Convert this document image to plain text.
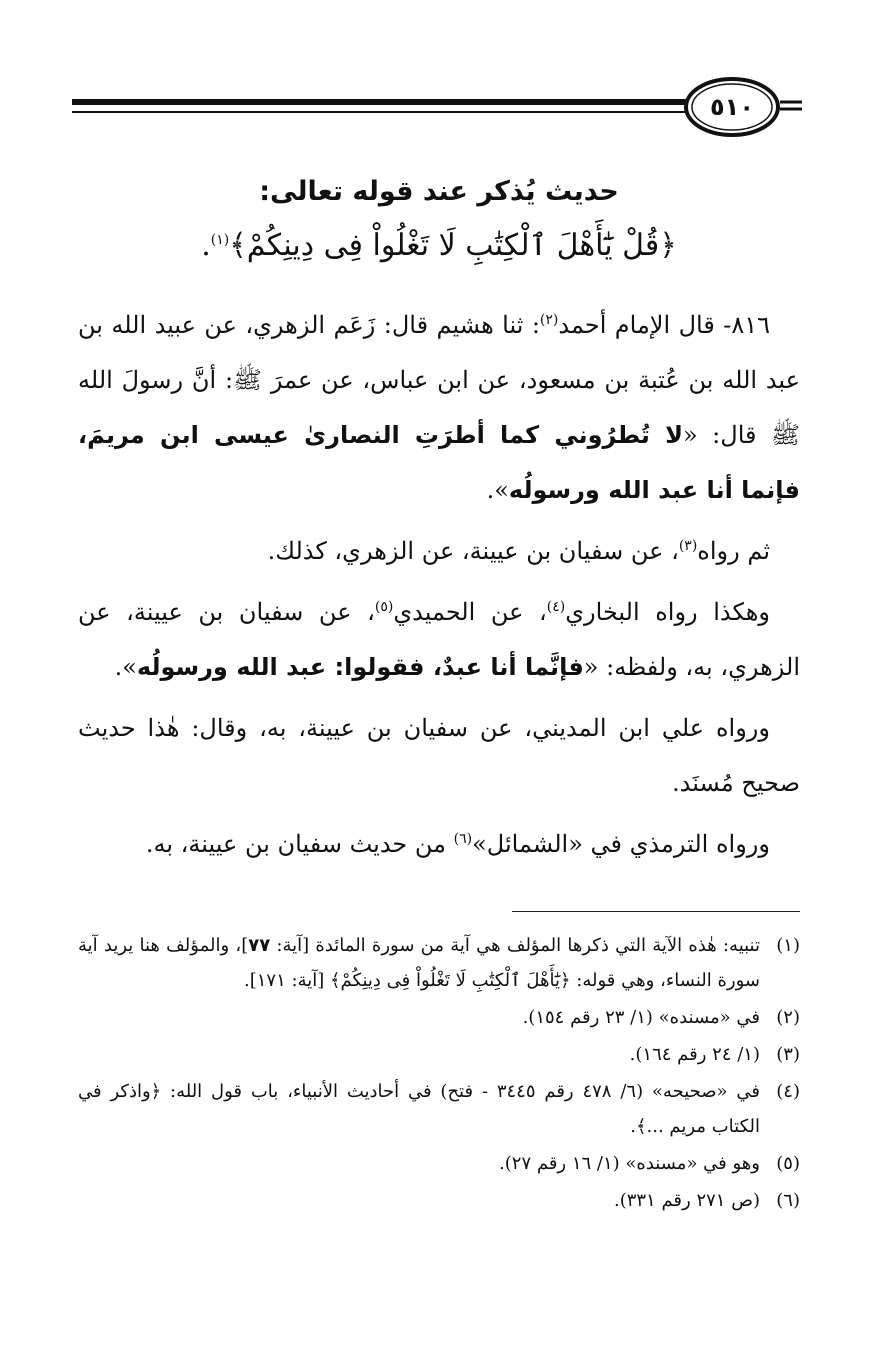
٥١٠
حديث يُذكر عند قوله تعالى:
﴿قُلْ يَٰٓأَهْلَ ٱلْكِتَٰبِ لَا تَغْلُواْ فِى دِينِكُمْ﴾$^{(١)}$.

٨١٦- قال الإمام أحمد$^{(٢)}$: ثنا هشيم قال: زَعَم الزهري، عن عبيد الله بن عبد الله بن عُتبة بن مسعود، عن ابن عباس، عن عمرَ ﷺ: أنَّ رسولَ الله ﷺ قال: «لا تُطرُوني كما أطرَتِ النصارىٰ عيسى ابن مريمَ، فإنما أنا عبد الله ورسولُه».

ثم رواه$^{(٣)}$، عن سفيان بن عيينة، عن الزهري، كذلك.

وهكذا رواه البخاري$^{(٤)}$، عن الحميدي$^{(٥)}$، عن سفيان بن عيينة، عن الزهري، به، ولفظه: «فإنَّما أنا عبدٌ، فقولوا: عبد الله ورسولُه».

ورواه علي ابن المديني، عن سفيان بن عيينة، به، وقال: هٰذا حديث صحيح مُسنَد.

ورواه الترمذي في «الشمائل»$^{(٦)}$ من حديث سفيان بن عيينة، به.

(١)
تنبيه: هٰذه الآية التي ذكرها المؤلف هي آية من سورة المائدة [آية: ٧٧]، والمؤلف هنا يريد آية سورة النساء، وهي قوله: ﴿يَٰٓأَهْلَ ٱلْكِتَٰبِ لَا تَغْلُواْ فِى دِينِكُمْ﴾ [آية: ١٧١].
(٢)
في «مسنده» (١/ ٢٣ رقم ١٥٤).
(٣)
(١/ ٢٤ رقم ١٦٤).
(٤)
في «صحيحه» (٦/ ٤٧٨ رقم ٣٤٤٥ - فتح) في أحاديث الأنبياء، باب قول الله: ﴿واذكر في الكتاب مريم ...﴾.
(٥)
وهو في «مسنده» (١/ ١٦ رقم ٢٧).
(٦)
(ص ٢٧١ رقم ٣٣١).
